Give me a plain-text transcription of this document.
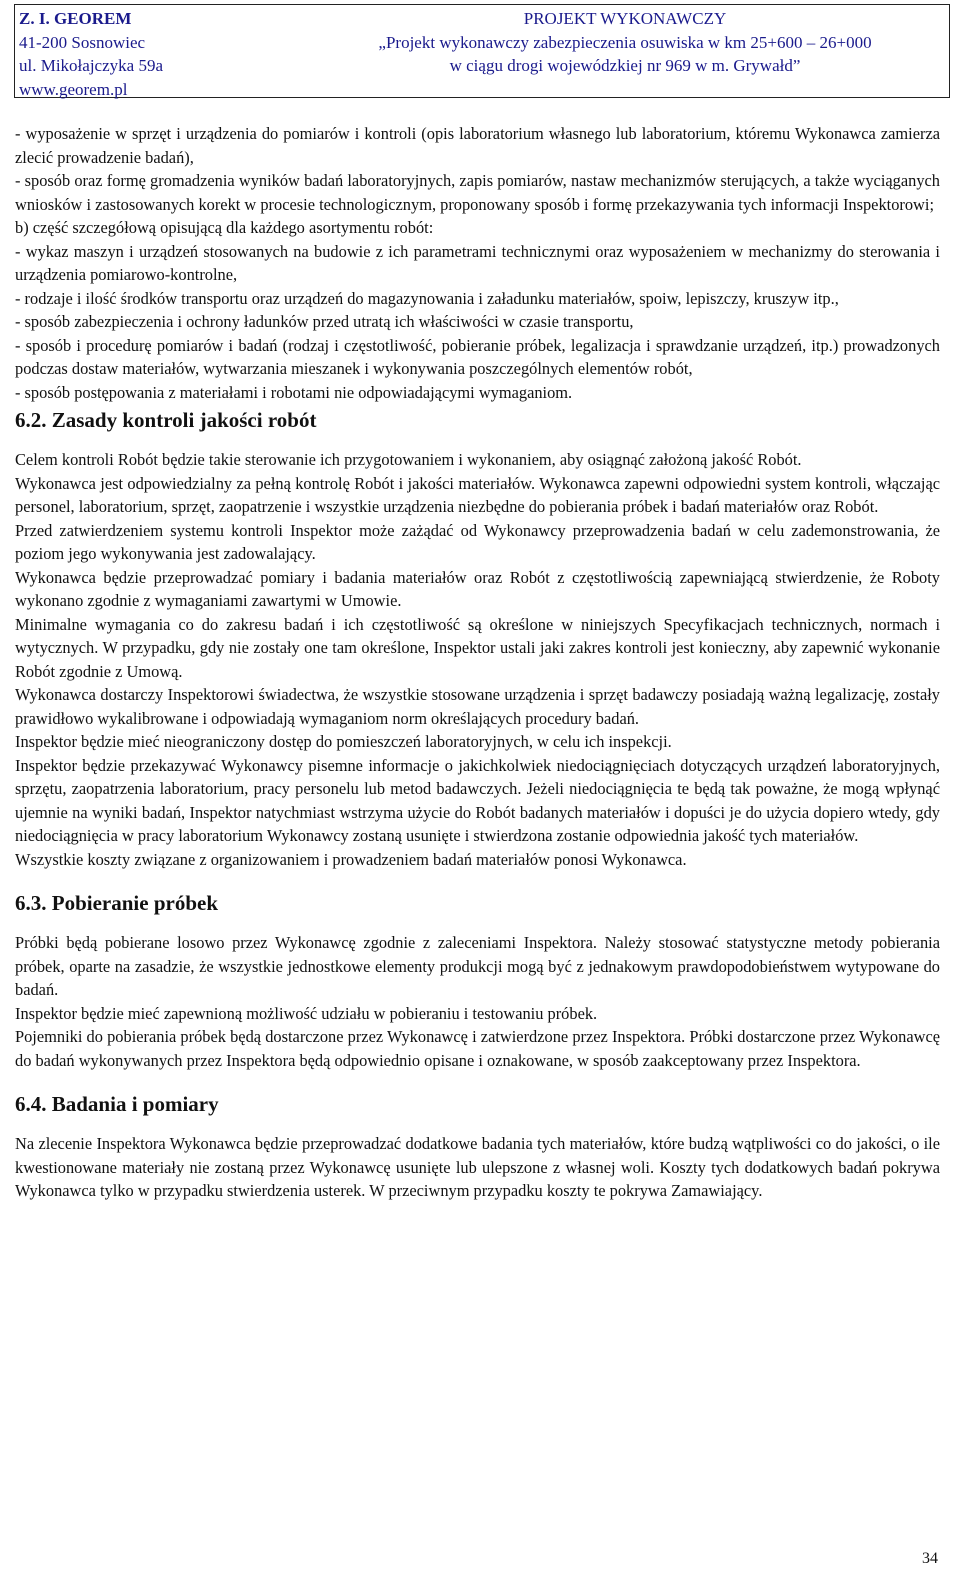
Z. I. GEOREM
41-200 Sosnowiec
ul. Mikołajczyka 59a
www.georem.pl
PROJEKT WYKONAWCZY
„Projekt wykonawczy zabezpieczenia osuwiska w km 25+600 – 26+000
w ciągu drogi wojewódzkiej nr 969 w m. Grywałd”

- wyposażenie w sprzęt i urządzenia do pomiarów i kontroli (opis laboratorium własnego lub laboratorium, któremu Wykonawca zamierza zlecić prowadzenie badań),

- sposób oraz formę gromadzenia wyników badań laboratoryjnych, zapis pomiarów, nastaw mechanizmów sterujących, a także wyciąganych wniosków i zastosowanych korekt w procesie technologicznym, proponowany sposób i formę przekazywania tych informacji Inspektorowi;

b) część szczegółową opisującą dla każdego asortymentu robót:

- wykaz maszyn i urządzeń stosowanych na budowie z ich parametrami technicznymi oraz wyposażeniem w mechanizmy do sterowania i urządzenia pomiarowo-kontrolne,

- rodzaje i ilość środków transportu oraz urządzeń do magazynowania i załadunku materiałów, spoiw, lepiszczy, kruszyw itp.,

- sposób zabezpieczenia i ochrony ładunków przed utratą ich właściwości w czasie transportu,

- sposób i procedurę pomiarów i badań (rodzaj i częstotliwość, pobieranie próbek, legalizacja i sprawdzanie urządzeń, itp.) prowadzonych podczas dostaw materiałów, wytwarzania mieszanek i wykonywania poszczególnych elementów robót,

- sposób postępowania z materiałami i robotami nie odpowiadającymi wymaganiom.

6.2. Zasady kontroli jakości robót

Celem kontroli Robót będzie takie sterowanie ich przygotowaniem i wykonaniem, aby osiągnąć założoną jakość Robót.

Wykonawca jest odpowiedzialny za pełną kontrolę Robót i jakości materiałów. Wykonawca zapewni odpowiedni system kontroli, włączając personel, laboratorium, sprzęt, zaopatrzenie i wszystkie urządzenia niezbędne do pobierania próbek i badań materiałów oraz Robót.

Przed zatwierdzeniem systemu kontroli Inspektor może zażądać od Wykonawcy przeprowadzenia badań w celu zademonstrowania, że poziom jego wykonywania jest zadowalający.

Wykonawca będzie przeprowadzać pomiary i badania materiałów oraz Robót z częstotliwością zapewniającą stwierdzenie, że Roboty wykonano zgodnie z wymaganiami zawartymi w Umowie.

Minimalne wymagania co do zakresu badań i ich częstotliwość są określone w niniejszych Specyfikacjach technicznych, normach i wytycznych. W przypadku, gdy nie zostały one tam określone, Inspektor ustali jaki zakres kontroli jest konieczny, aby zapewnić wykonanie Robót zgodnie z Umową.

Wykonawca dostarczy Inspektorowi świadectwa, że wszystkie stosowane urządzenia i sprzęt badawczy posiadają ważną legalizację, zostały prawidłowo wykalibrowane i odpowiadają wymaganiom norm określających procedury badań.

Inspektor będzie mieć nieograniczony dostęp do pomieszczeń laboratoryjnych, w celu ich inspekcji.

Inspektor będzie przekazywać Wykonawcy pisemne informacje o jakichkolwiek niedociągnięciach dotyczących urządzeń laboratoryjnych, sprzętu, zaopatrzenia laboratorium, pracy personelu lub metod badawczych. Jeżeli niedociągnięcia te będą tak poważne, że mogą wpłynąć ujemnie na wyniki badań, Inspektor natychmiast wstrzyma użycie do Robót badanych materiałów i dopuści je do użycia dopiero wtedy, gdy niedociągnięcia w pracy laboratorium Wykonawcy zostaną usunięte i stwierdzona zostanie odpowiednia jakość tych materiałów.

Wszystkie koszty związane z organizowaniem i prowadzeniem badań materiałów ponosi Wykonawca.

6.3. Pobieranie próbek

Próbki będą pobierane losowo przez Wykonawcę zgodnie z zaleceniami Inspektora. Należy stosować statystyczne metody pobierania próbek, oparte na zasadzie, że wszystkie jednostkowe elementy produkcji mogą być z jednakowym prawdopodobieństwem wytypowane do badań.

Inspektor będzie mieć zapewnioną możliwość udziału w pobieraniu i testowaniu próbek.

Pojemniki do pobierania próbek będą dostarczone przez Wykonawcę i zatwierdzone przez Inspektora. Próbki dostarczone przez Wykonawcę do badań wykonywanych przez Inspektora będą odpowiednio opisane i oznakowane, w sposób zaakceptowany przez Inspektora.

6.4. Badania i pomiary

Na zlecenie Inspektora Wykonawca będzie przeprowadzać dodatkowe badania tych materiałów, które budzą wątpliwości co do jakości, o ile kwestionowane materiały nie zostaną przez Wykonawcę usunięte lub ulepszone z własnej woli. Koszty tych dodatkowych badań pokrywa Wykonawca tylko w przypadku stwierdzenia usterek. W przeciwnym przypadku koszty te pokrywa Zamawiający.

34
